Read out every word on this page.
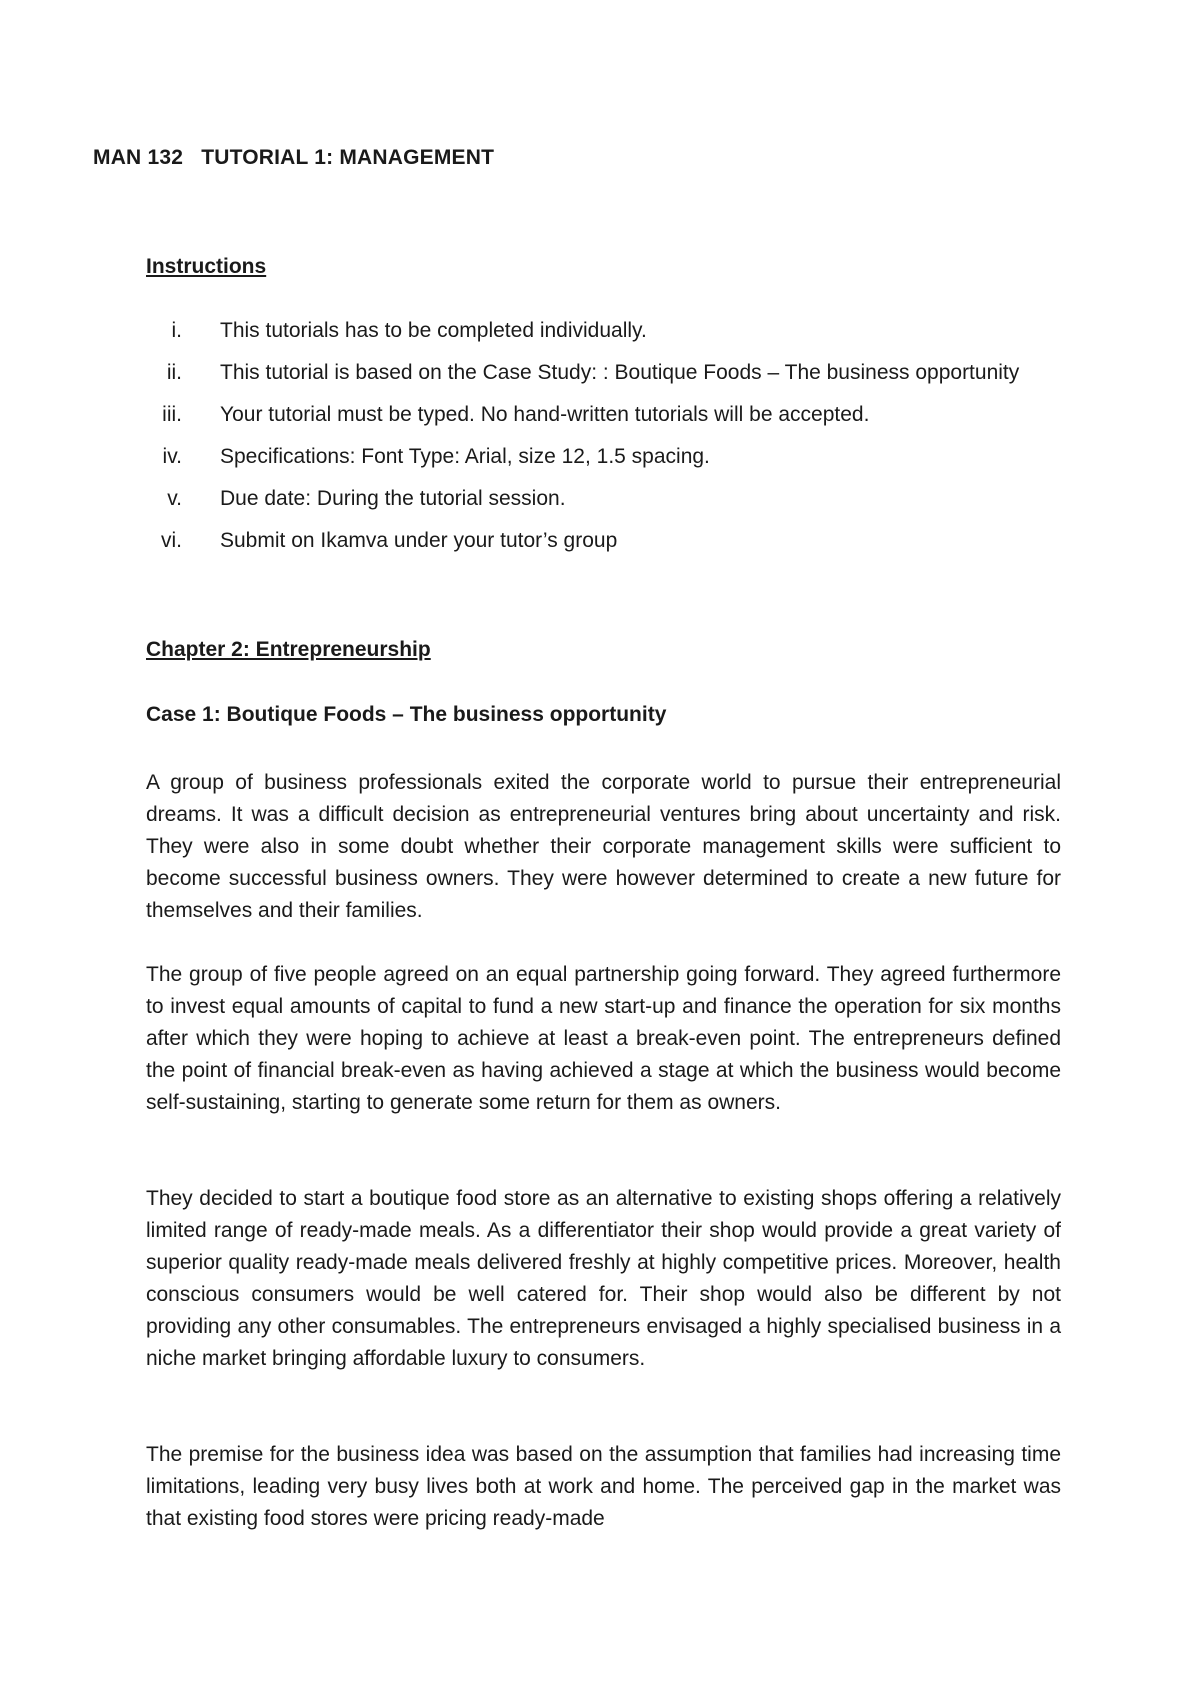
MAN 132   TUTORIAL 1: MANAGEMENT
Instructions
i.	This tutorials has to be completed individually.
ii.	This tutorial is based on the Case Study: : Boutique Foods – The business opportunity
iii.	Your tutorial must be typed. No hand-written tutorials will be accepted.
iv.	Specifications: Font Type: Arial, size 12, 1.5 spacing.
v.	Due date: During the tutorial session.
vi.	Submit on Ikamva under your tutor’s group
Chapter 2: Entrepreneurship
Case 1: Boutique Foods – The business opportunity

A group of business professionals exited the corporate world to pursue their entrepreneurial dreams. It was a difficult decision as entrepreneurial ventures bring about uncertainty and risk. They were also in some doubt whether their corporate management skills were sufficient to become successful business owners. They were however determined to create a new future for themselves and their families.

The group of five people agreed on an equal partnership going forward. They agreed furthermore to invest equal amounts of capital to fund a new start-up and finance the operation for six months after which they were hoping to achieve at least a break-even point. The entrepreneurs defined the point of financial break-even as having achieved a stage at which the business would become self-sustaining, starting to generate some return for them as owners.

They decided to start a boutique food store as an alternative to existing shops offering a relatively limited range of ready-made meals. As a differentiator their shop would provide a great variety of superior quality ready-made meals delivered freshly at highly competitive prices. Moreover, health conscious consumers would be well catered for. Their shop would also be different by not providing any other consumables. The entrepreneurs envisaged a highly specialised business in a niche market bringing affordable luxury to consumers.

The premise for the business idea was based on the assumption that families had increasing time limitations, leading very busy lives both at work and home. The perceived gap in the market was that existing food stores were pricing ready-made
